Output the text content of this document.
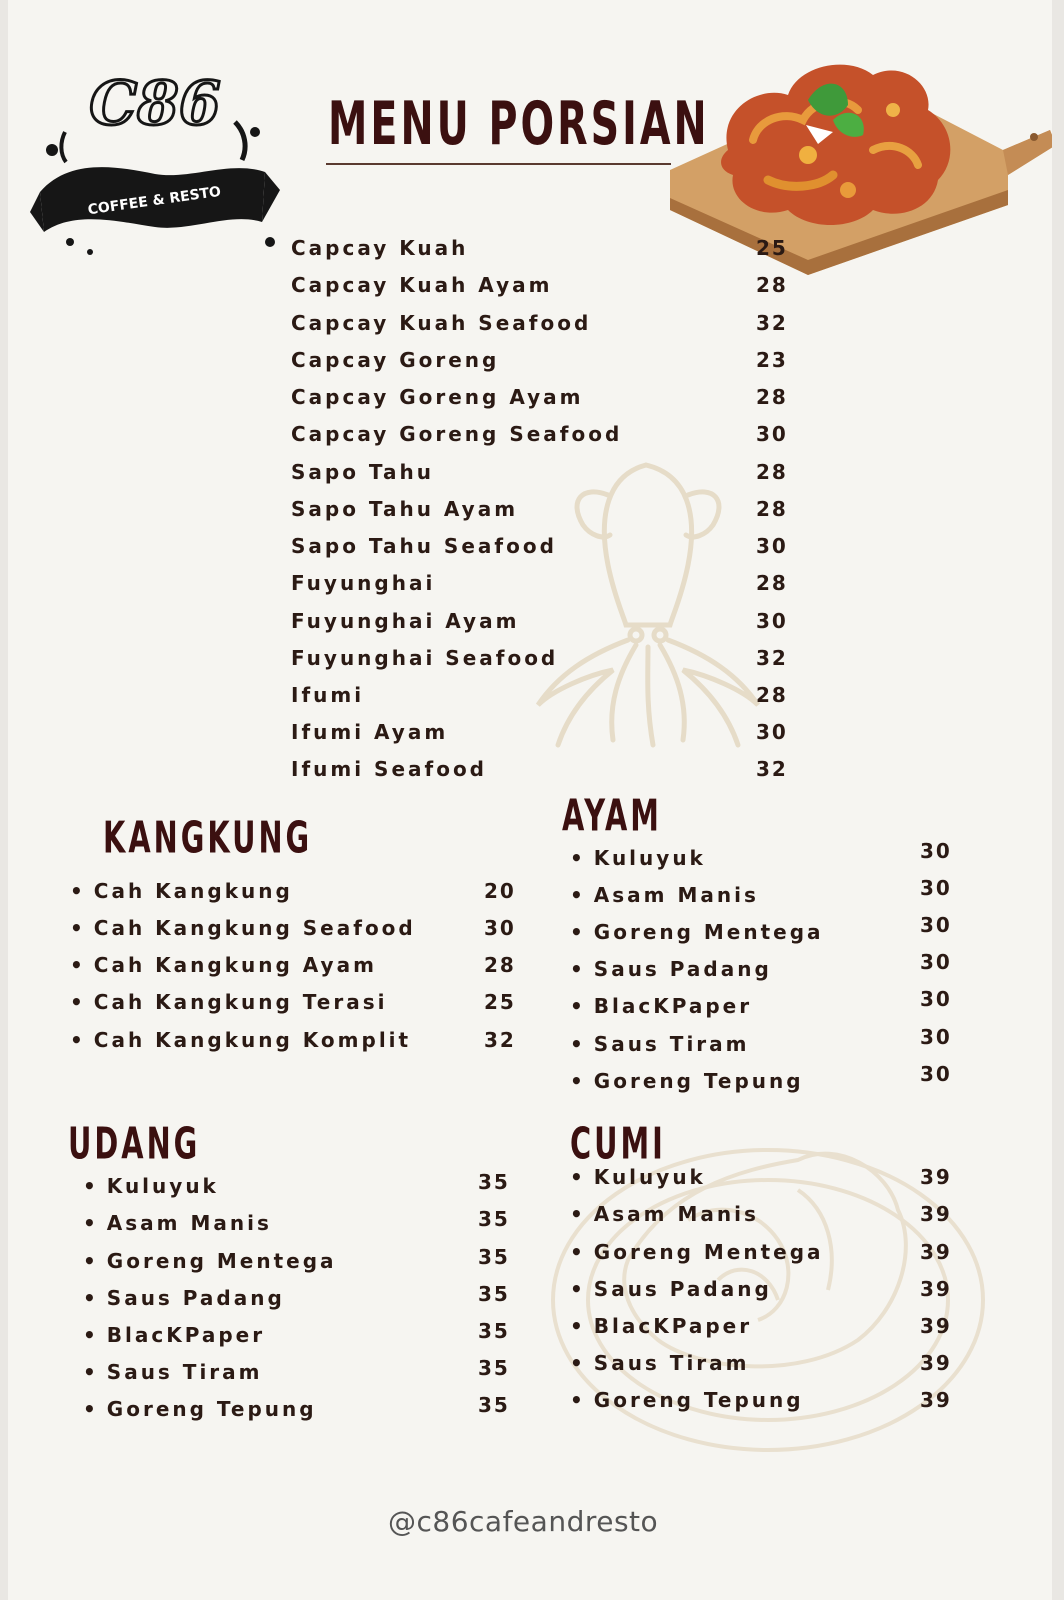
COFFEE & RESTO
C86 MENU PORSIAN
Capcay Kuah	25
Capcay Kuah Ayam	28
Capcay Kuah Seafood	32
Capcay Goreng	23
Capcay Goreng Ayam	28
Capcay Goreng Seafood	30
Sapo Tahu	28
Sapo Tahu Ayam	28
Sapo Tahu Seafood	30
Fuyunghai	28
Fuyunghai Ayam	30
Fuyunghai Seafood	32
Ifumi	28
Ifumi Ayam	30
Ifumi Seafood	32
KANGKUNG
• Cah Kangkung	20
• Cah Kangkung Seafood	30
• Cah Kangkung Ayam	28
• Cah Kangkung Terasi	25
• Cah Kangkung Komplit	32
AYAM
• Kuluyuk	30
• Asam Manis	30
• Goreng Mentega	30
• Saus Padang	30
• BlacKPaper	30
• Saus Tiram	30
• Goreng Tepung	30
UDANG
• Kuluyuk	35
• Asam Manis	35
• Goreng Mentega	35
• Saus Padang	35
• BlacKPaper	35
• Saus Tiram	35
• Goreng Tepung	35
CUMI
• Kuluyuk	39
• Asam Manis	39
• Goreng Mentega	39
• Saus Padang	39
• BlacKPaper	39
• Saus Tiram	39
• Goreng Tepung	39
@c86cafeandresto
